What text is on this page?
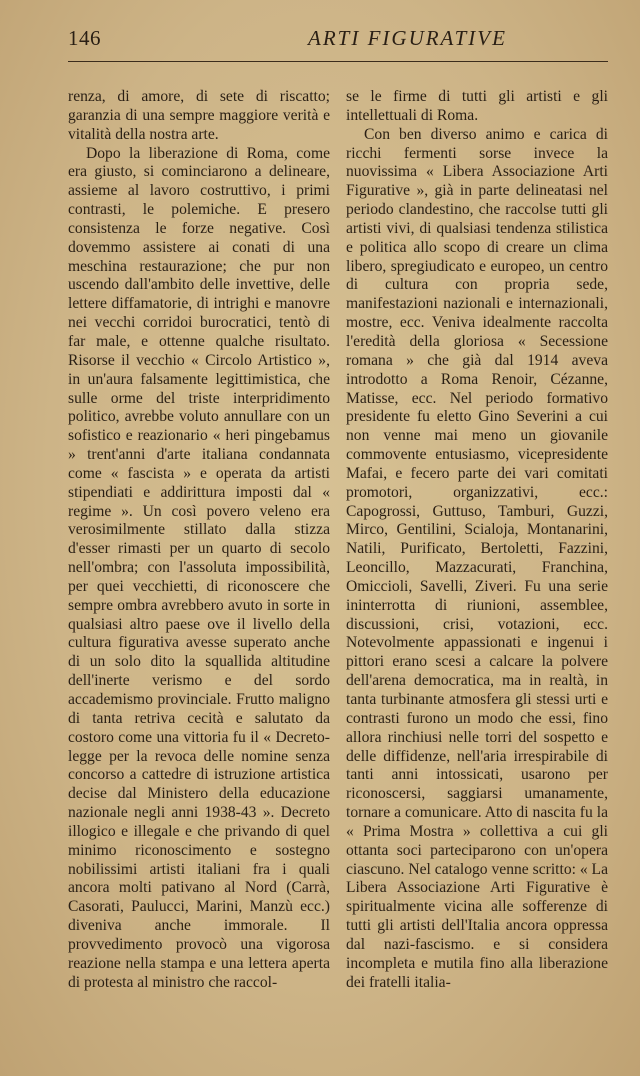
146	ARTI FIGURATIVE

renza, di amore, di sete di riscatto; garanzia di una sempre maggiore verità e vitalità della nostra arte.

Dopo la liberazione di Roma, come era giusto, si cominciarono a delineare, assieme al lavoro costruttivo, i primi contrasti, le polemiche. E presero consistenza le forze negative. Così dovemmo assistere ai conati di una meschina restaurazione; che pur non uscendo dall'ambito delle invettive, delle lettere diffamatorie, di intrighi e manovre nei vecchi corridoi burocratici, tentò di far male, e ottenne qualche risultato. Risorse il vecchio « Circolo Artistico », in un'aura falsamente legittimistica, che sulle orme del triste interpridimento politico, avrebbe voluto annullare con un sofistico e reazionario « heri pingebamus » trent'anni d'arte italiana condannata come « fascista » e operata da artisti stipendiati e addirittura imposti dal « regime ». Un così povero veleno era verosimilmente stillato dalla stizza d'esser rimasti per un quarto di secolo nell'ombra; con l'assoluta impossibilità, per quei vecchietti, di riconoscere che sempre ombra avrebbero avuto in sorte in qualsiasi altro paese ove il livello della cultura figurativa avesse superato anche di un solo dito la squallida altitudine dell'inerte verismo e del sordo accademismo provinciale. Frutto maligno di tanta retriva cecità e salutato da costoro come una vittoria fu il « Decreto-legge per la revoca delle nomine senza concorso a cattedre di istruzione artistica decise dal Ministero della educazione nazionale negli anni 1938-43 ». Decreto illogico e illegale e che privando di quel minimo riconoscimento e sostegno nobilissimi artisti italiani fra i quali ancora molti pativano al Nord (Carrà, Casorati, Paulucci, Marini, Manzù ecc.) diveniva anche immorale. Il provvedimento provocò una vigorosa reazione nella stampa e una lettera aperta di protesta al ministro che raccol-

se le firme di tutti gli artisti e gli intellettuali di Roma.

Con ben diverso animo e carica di ricchi fermenti sorse invece la nuovissima « Libera Associazione Arti Figurative », già in parte delineatasi nel periodo clandestino, che raccolse tutti gli artisti vivi, di qualsiasi tendenza stilistica e politica allo scopo di creare un clima libero, spregiudicato e europeo, un centro di cultura con propria sede, manifestazioni nazionali e internazionali, mostre, ecc. Veniva idealmente raccolta l'eredità della gloriosa « Secessione romana » che già dal 1914 aveva introdotto a Roma Renoir, Cézanne, Matisse, ecc. Nel periodo formativo presidente fu eletto Gino Severini a cui non venne mai meno un giovanile commovente entusiasmo, vicepresidente Mafai, e fecero parte dei vari comitati promotori, organizzativi, ecc.: Capogrossi, Guttuso, Tamburi, Guzzi, Mirco, Gentilini, Scialoja, Montanarini, Natili, Purificato, Bertoletti, Fazzini, Leoncillo, Mazzacurati, Franchina, Omiccioli, Savelli, Ziveri. Fu una serie ininterrotta di riunioni, assemblee, discussioni, crisi, votazioni, ecc. Notevolmente appassionati e ingenui i pittori erano scesi a calcare la polvere dell'arena democratica, ma in realtà, in tanta turbinante atmosfera gli stessi urti e contrasti furono un modo che essi, fino allora rinchiusi nelle torri del sospetto e delle diffidenze, nell'aria irrespirabile di tanti anni intossicati, usarono per riconoscersi, saggiarsi umanamente, tornare a comunicare. Atto di nascita fu la « Prima Mostra » collettiva a cui gli ottanta soci parteciparono con un'opera ciascuno. Nel catalogo venne scritto: « La Libera Associazione Arti Figurative è spiritualmente vicina alle sofferenze di tutti gli artisti dell'Italia ancora oppressa dal nazi-fascismo. e si considera incompleta e mutila fino alla liberazione dei fratelli italia-
